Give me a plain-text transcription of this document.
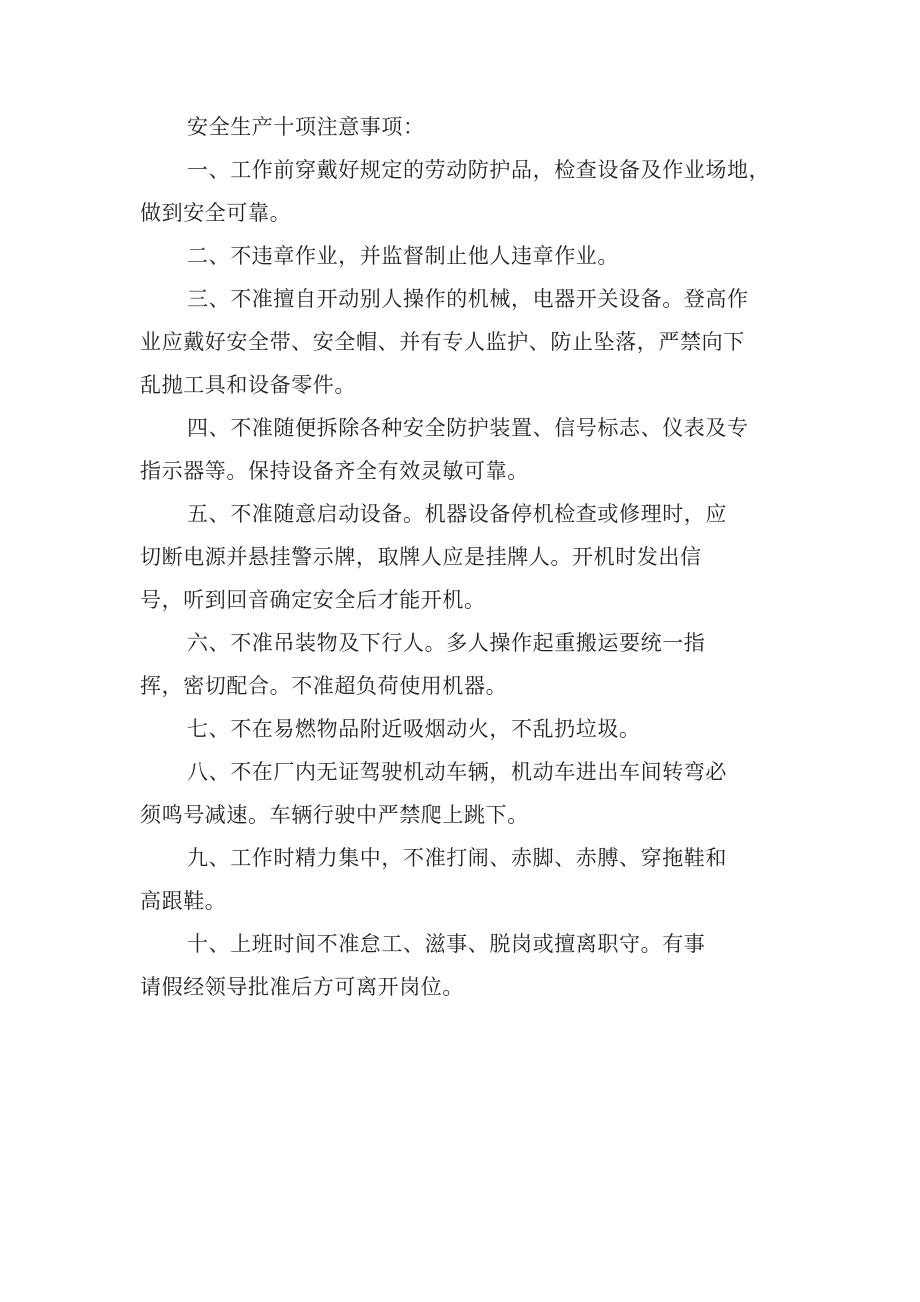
安全生产十项注意事项：

一、工作前穿戴好规定的劳动防护品，检查设备及作业场地，
做到安全可靠。
二、不违章作业，并监督制止他人违章作业。
三、不准擅自开动别人操作的机械，电器开关设备。登高作
业应戴好安全带、安全帽、并有专人监护、防止坠落，严禁向下
乱抛工具和设备零件。
四、不准随便拆除各种安全防护装置、信号标志、仪表及专
指示器等。保持设备齐全有效灵敏可靠。
五、不准随意启动设备。机器设备停机检查或修理时，应
切断电源并悬挂警示牌，取牌人应是挂牌人。开机时发出信
号，听到回音确定安全后才能开机。
六、不准吊装物及下行人。多人操作起重搬运要统一指
挥，密切配合。不准超负荷使用机器。
七、不在易燃物品附近吸烟动火，不乱扔垃圾。
八、不在厂内无证驾驶机动车辆，机动车进出车间转弯必
须鸣号减速。车辆行驶中严禁爬上跳下。
九、工作时精力集中，不准打闹、赤脚、赤膊、穿拖鞋和
高跟鞋。
十、上班时间不准怠工、滋事、脱岗或擅离职守。有事
请假经领导批准后方可离开岗位。
